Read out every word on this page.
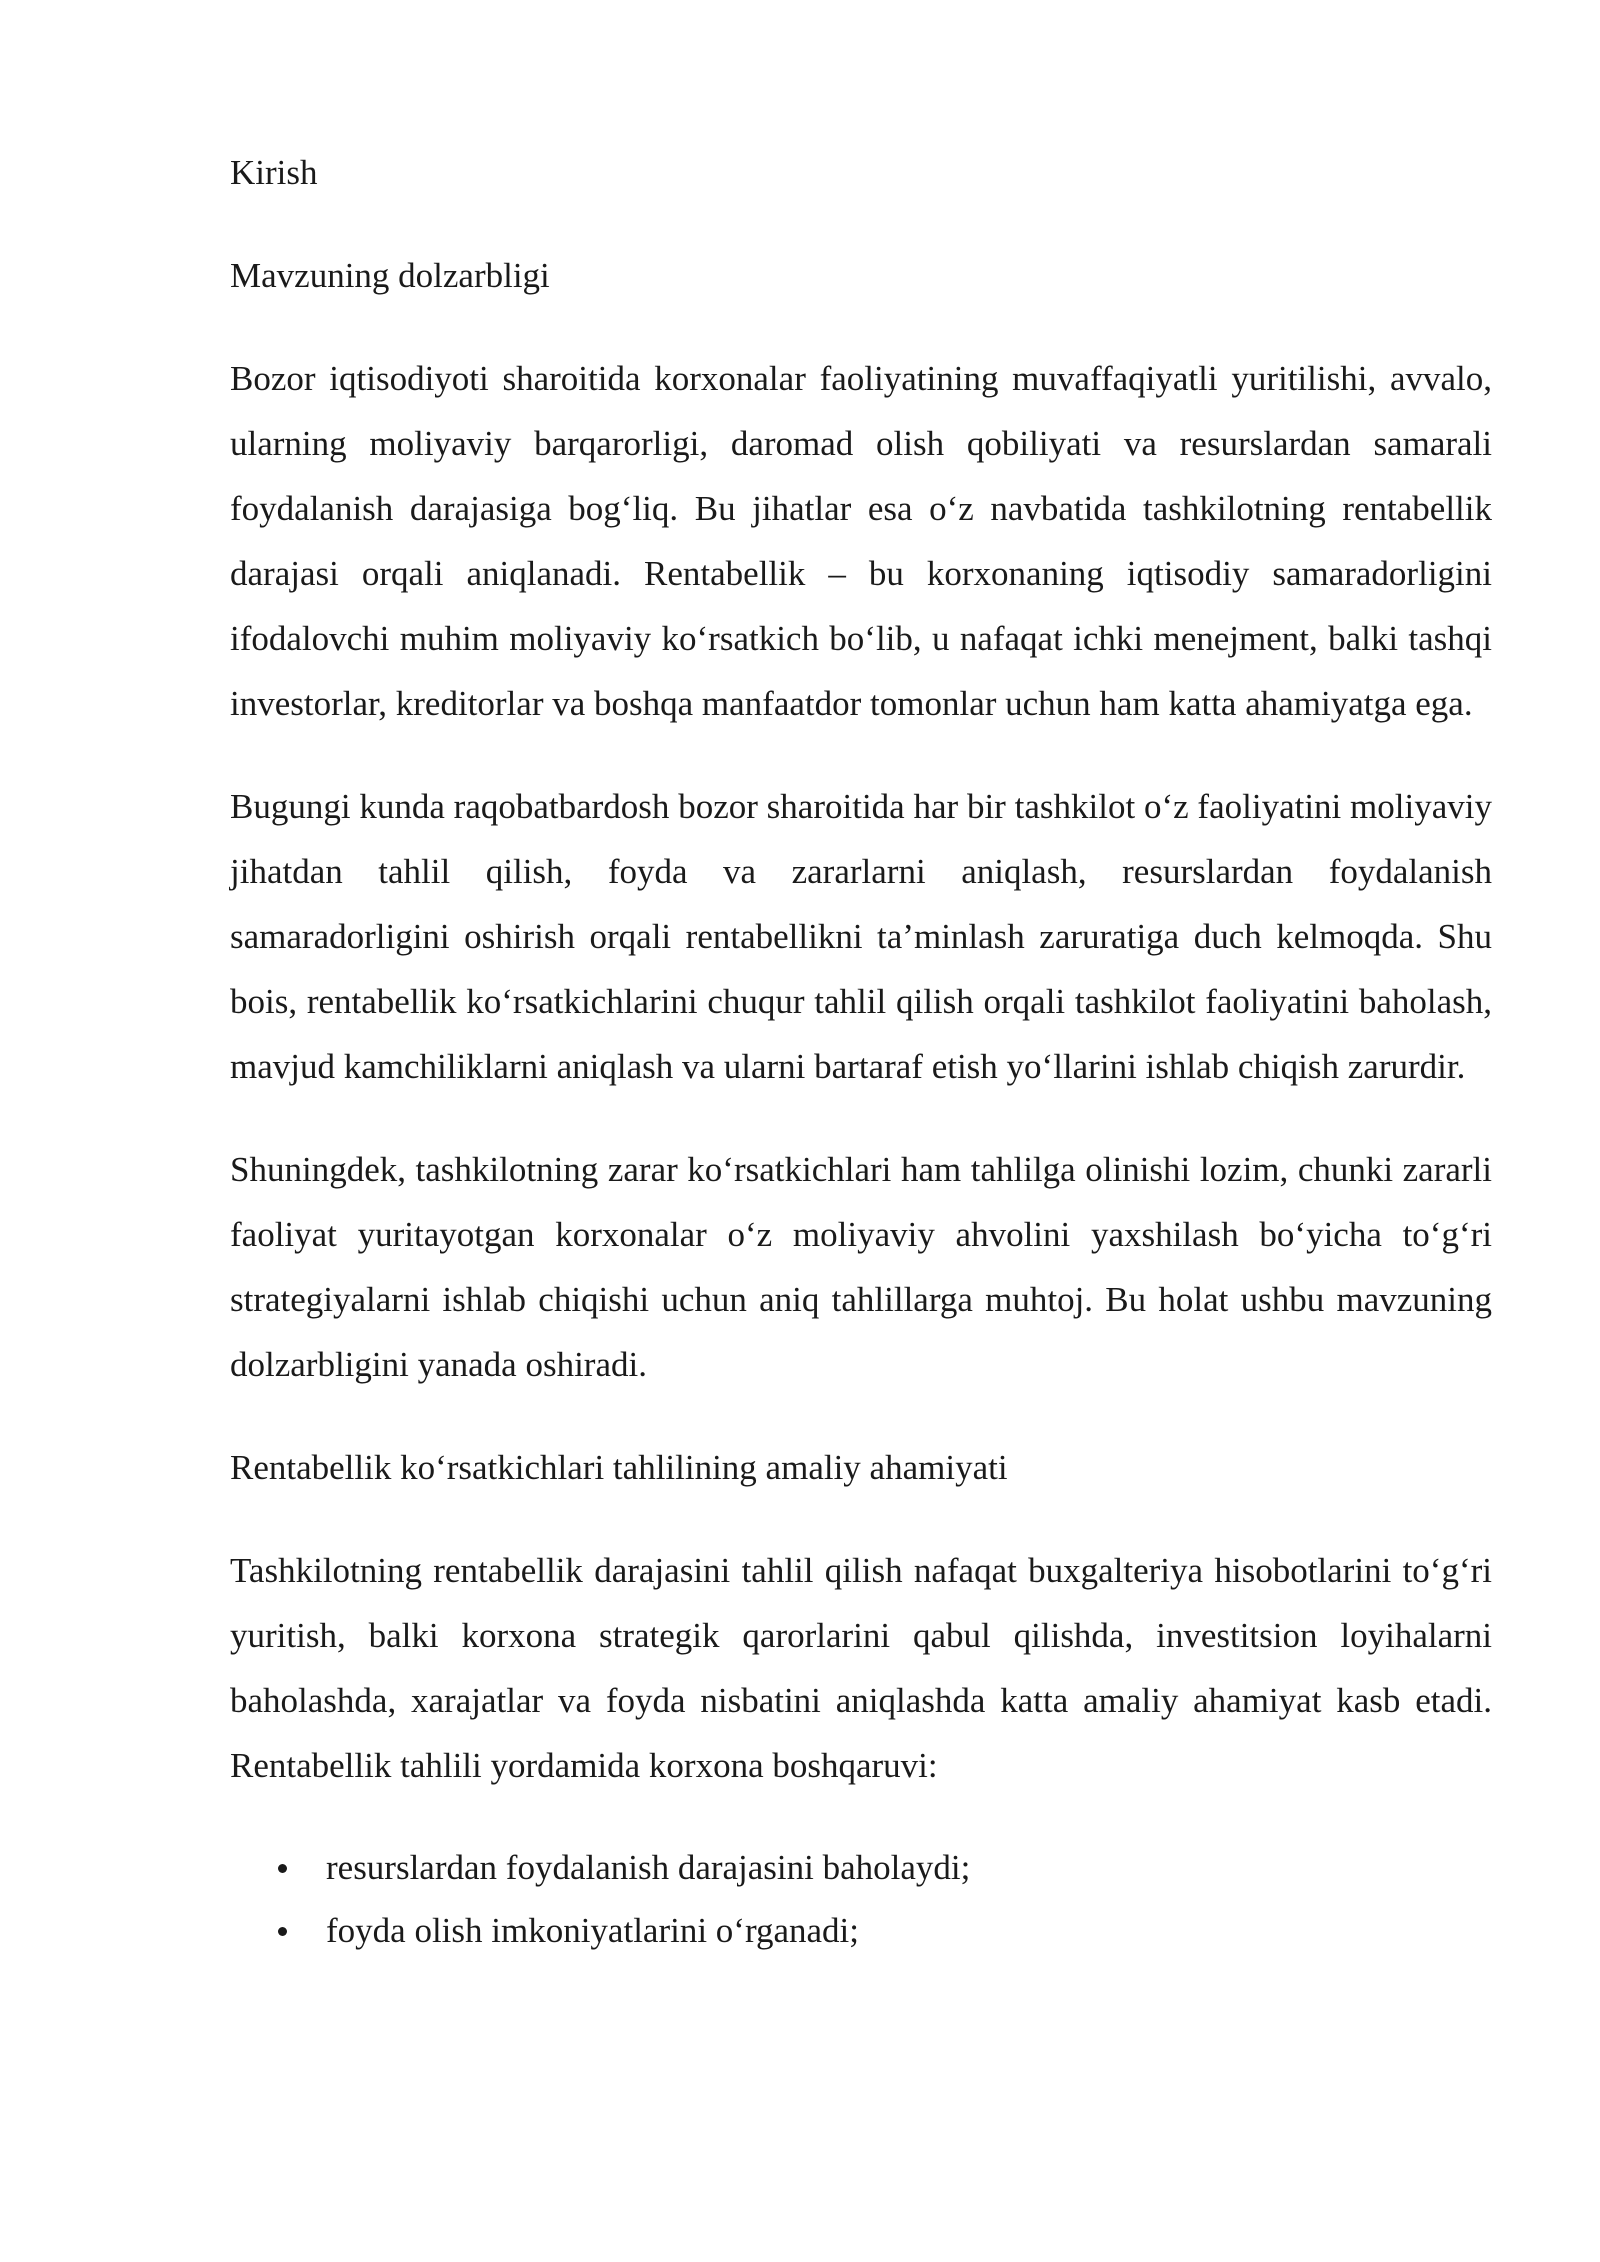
Kirish
Mavzuning dolzarbligi

Bozor iqtisodiyoti sharoitida korxonalar faoliyatining muvaffaqiyatli yuritilishi, avvalo, ularning moliyaviy barqarorligi, daromad olish qobiliyati va resurslardan samarali foydalanish darajasiga bog‘liq. Bu jihatlar esa o‘z navbatida tashkilotning rentabellik darajasi orqali aniqlanadi. Rentabellik – bu korxonaning iqtisodiy samaradorligini ifodalovchi muhim moliyaviy ko‘rsatkich bo‘lib, u nafaqat ichki menejment, balki tashqi investorlar, kreditorlar va boshqa manfaatdor tomonlar uchun ham katta ahamiyatga ega.

Bugungi kunda raqobatbardosh bozor sharoitida har bir tashkilot o‘z faoliyatini moliyaviy jihatdan tahlil qilish, foyda va zararlarni aniqlash, resurslardan foydalanish samaradorligini oshirish orqali rentabellikni ta’minlash zaruratiga duch kelmoqda. Shu bois, rentabellik ko‘rsatkichlarini chuqur tahlil qilish orqali tashkilot faoliyatini baholash, mavjud kamchiliklarni aniqlash va ularni bartaraf etish yo‘llarini ishlab chiqish zarurdir.

Shuningdek, tashkilotning zarar ko‘rsatkichlari ham tahlilga olinishi lozim, chunki zararli faoliyat yuritayotgan korxonalar o‘z moliyaviy ahvolini yaxshilash bo‘yicha to‘g‘ri strategiyalarni ishlab chiqishi uchun aniq tahlillarga muhtoj. Bu holat ushbu mavzuning dolzarbligini yanada oshiradi.

Rentabellik ko‘rsatkichlari tahlilining amaliy ahamiyati

Tashkilotning rentabellik darajasini tahlil qilish nafaqat buxgalteriya hisobotlarini to‘g‘ri yuritish, balki korxona strategik qarorlarini qabul qilishda, investitsion loyihalarni baholashda, xarajatlar va foyda nisbatini aniqlashda katta amaliy ahamiyat kasb etadi. Rentabellik tahlili yordamida korxona boshqaruvi:

resurslardan foydalanish darajasini baholaydi;
foyda olish imkoniyatlarini o‘rganadi;
